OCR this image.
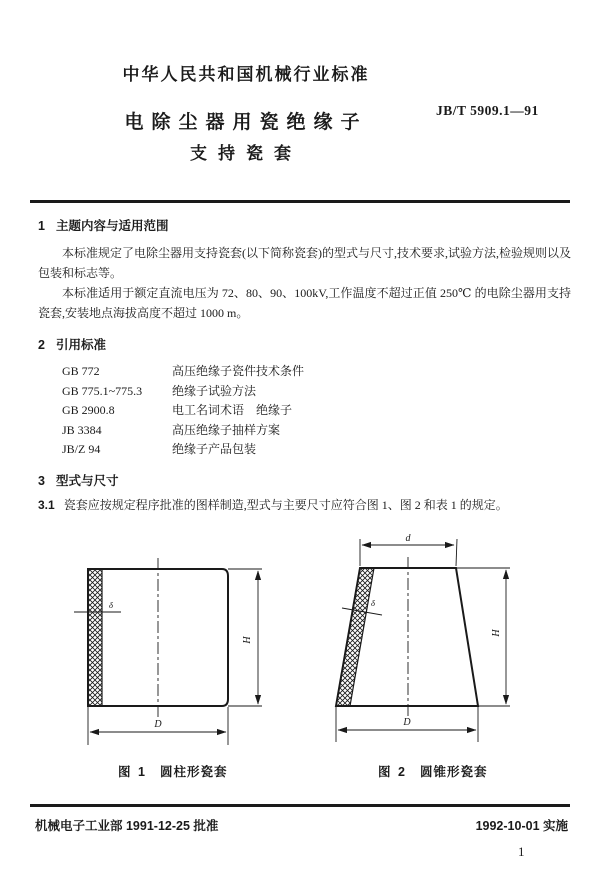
中华人民共和国机械行业标准
电除尘器用瓷绝缘子
支持瓷套
JB/T 5909.1—91
1 主题内容与适用范围

本标准规定了电除尘器用支持瓷套(以下简称瓷套)的型式与尺寸,技术要求,试验方法,检验规则以及包装和标志等。

本标准适用于额定直流电压为 72、80、90、100kV,工作温度不超过正值 250℃ 的电除尘器用支持瓷套,安装地点海拔高度不超过 1000 m。

2 引用标准
GB 772	高压绝缘子瓷件技术条件
GB 775.1~775.3	绝缘子试验方法
GB 2900.8	电工名词术语　绝缘子
JB 3384	高压绝缘子抽样方案
JB/Z 94	绝缘子产品包装
3 型式与尺寸
3.1 瓷套应按规定程序批准的图样制造,型式与主要尺寸应符合图 1、图 2 和表 1 的规定。
H
D
δ
d
H
D
δ
图 1 圆柱形瓷套	图 2 圆锥形瓷套
机械电子工业部 1991-12-25 批准	1992-10-01 实施
1
